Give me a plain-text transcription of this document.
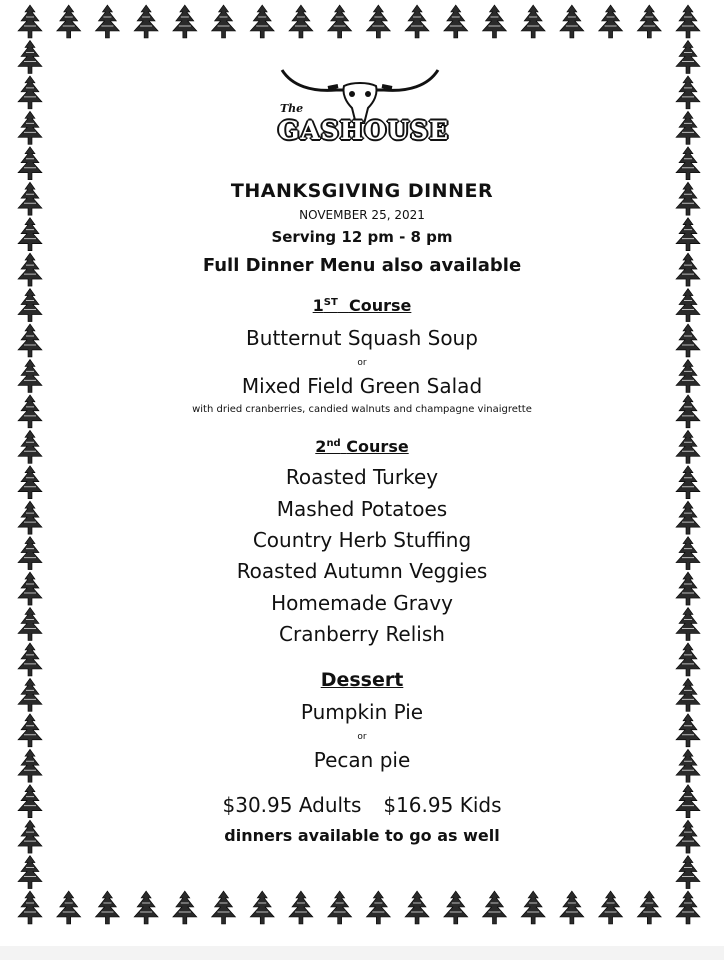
The
GASHOUSE
THANKSGIVING DINNER
NOVEMBER 25, 2021
Serving 12 pm - 8 pm
Full Dinner Menu also available
1ST Course
Butternut Squash Soup
or
Mixed Field Green Salad
with dried cranberries, candied walnuts and champagne vinaigrette
2nd Course
Roasted Turkey
Mashed Potatoes
Country Herb Stuffing
Roasted Autumn Veggies
Homemade Gravy
Cranberry Relish
Dessert
Pumpkin Pie
or
Pecan pie
$30.95 Adults $16.95 Kids
dinners available to go as well
